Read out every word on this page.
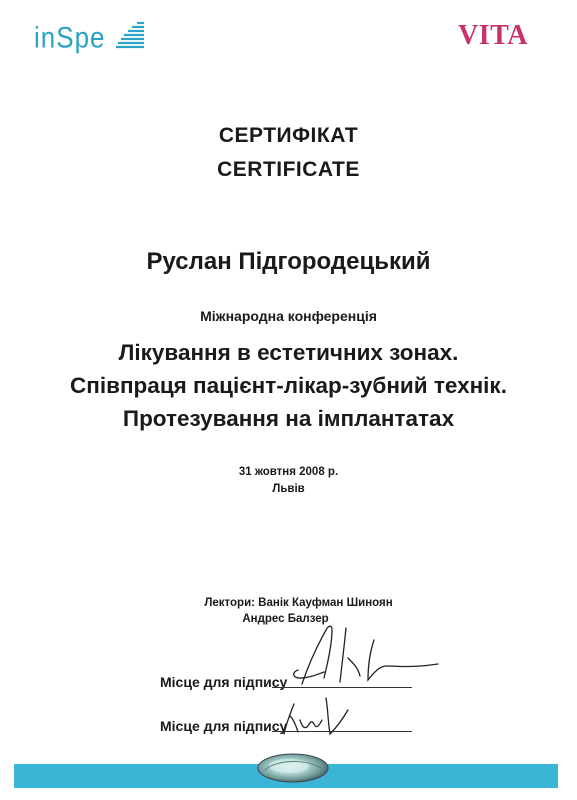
inSpe	VITA
СЕРТИФІКАТ
CERTIFICATE
Руслан Підгородецький
Міжнародна конференція
Лікування в естетичних зонах.
Співпраця пацієнт-лікар-зубний технік.
Протезування на імплантатах
31 жовтня 2008 р.
Львів
Лектори: Ванік Кауфман Шиноян
Андрес Балзер
Місце для підпису
Місце для підпису
